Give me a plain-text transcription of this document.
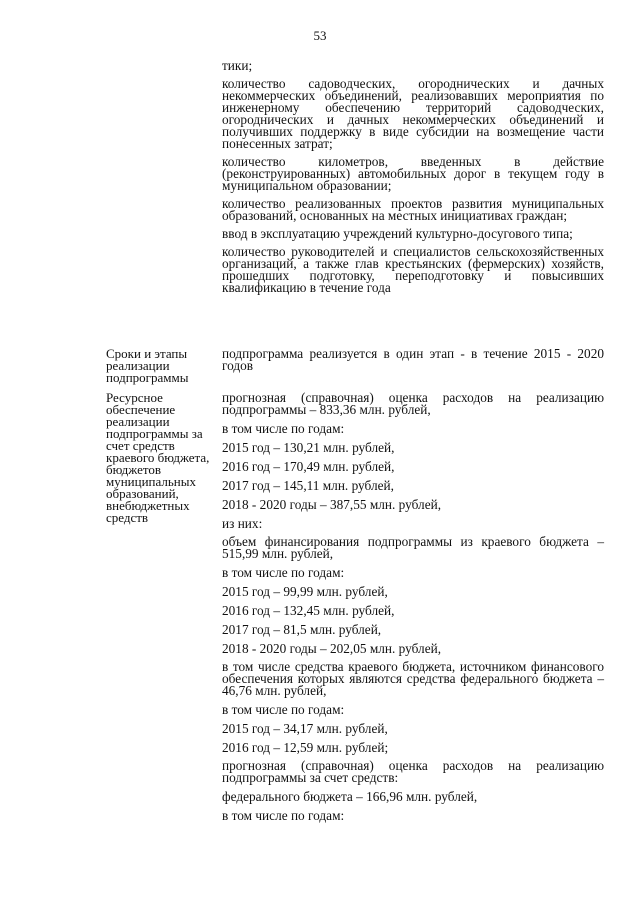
53

тики;

количество садоводческих, огороднических и дачных некоммерческих объединений, реализовавших мероприятия по инженерному обеспечению территорий садоводческих, огороднических и дачных некоммерческих объединений и получивших поддержку в виде субсидии на возмещение части понесенных затрат;

количество километров, введенных в действие (реконструированных) автомобильных дорог в текущем году в муниципальном образовании;

количество реализованных проектов развития муниципальных образований, основанных на местных инициативах граждан;

ввод в эксплуатацию учреждений культурно-досугового типа;

количество руководителей и специалистов сельскохозяйственных организаций, а также глав крестьянских (фермерских) хозяйств, прошедших подготовку, переподготовку и повысивших квалификацию в течение года

Сроки и этапы реализации подпрограммы

подпрограмма реализуется в один этап - в течение 2015 - 2020 годов

Ресурсное обеспечение реализации подпрограммы за счет средств краевого бюджета, бюджетов муниципальных образований, внебюджетных средств

прогнозная (справочная) оценка расходов на реализацию подпрограммы – 833,36 млн. рублей,

в том числе по годам:

2015 год – 130,21 млн. рублей,

2016 год – 170,49 млн. рублей,

2017 год – 145,11 млн. рублей,

2018 - 2020 годы – 387,55 млн. рублей,

из них:

объем финансирования подпрограммы из краевого бюджета – 515,99 млн. рублей,

в том числе по годам:

2015 год – 99,99 млн. рублей,

2016 год – 132,45 млн. рублей,

2017 год – 81,5 млн. рублей,

2018 - 2020 годы – 202,05 млн. рублей,

в том числе средства краевого бюджета, источником финансового обеспечения которых являются средства федерального бюджета – 46,76 млн. рублей,

в том числе по годам:

2015 год – 34,17 млн. рублей,

2016 год – 12,59 млн. рублей;

прогнозная (справочная) оценка расходов на реализацию подпрограммы за счет средств:

федерального бюджета – 166,96 млн. рублей,

в том числе по годам:
